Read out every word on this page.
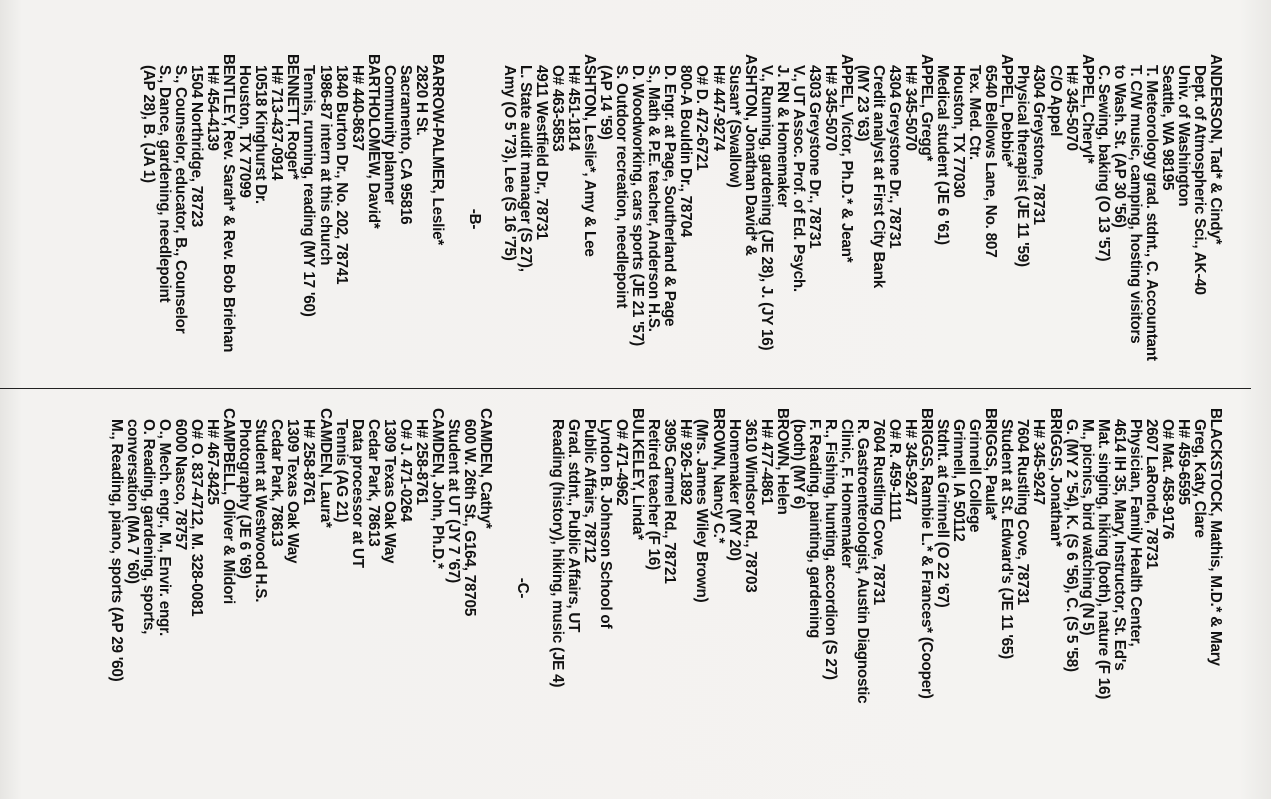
ANDERSON, Tad* & Cindy*
Dept. of Atmospheric Sci., AK-40
Univ. of Washington
Seattle, WA 98195
T. Meteorology grad. stdnt., C. Accountant
T. C/W music, camping, hosting visitors
to Wash. St. (AP 30 '56)
C. Sewing, baking (O 13 '57)
APPEL, Cheryl*
H# 345-5070
C/O Appel
4304 Greystone, 78731
Physical therapist (JE 11 '59)
APPEL, Debbie*
6540 Bellows Lane, No. 807
Tex. Med. Ctr.
Houston, TX 77030
Medical student (JE 6 '61)
APPEL, Gregg*
H# 345-5070
4304 Greystone Dr., 78731
Credit analyst at First City Bank
(MY 23 '63)
APPEL, Victor, Ph.D.* & Jean*
H# 345-5070
4303 Greystone Dr., 78731
V., UT Assoc. Prof. of Ed. Psych.
J. RN & Homemaker
V., Running, gardening (JE 28), J. (JY 16)
ASHTON, Jonathan David* &
Susan* (Swallow)
H# 447-9274
O# D. 472-6721
800-A Bouldin Dr., 78704
D. Engr. at Page, Southerland & Page
S., Math & P.E. teacher, Anderson H.S.
D. Woodworking, cars sports (JE 21 '57)
S. Outdoor recreation, needlepoint
(AP 14 '59)
ASHTON, Leslie*, Amy & Lee
H# 451-1814
O# 463-5853
4911 Westfield Dr., 78731
L. State audit manager (S 27),
Amy (O 5 '73), Lee (S 16 '75)
-B-
BARROW-PALMER, Leslie*
2820 H St.
Sacramento, CA 95816
Community planner
BARTHOLOMEW, David*
H# 440-8637
1840 Burton Dr., No. 202, 78741
1986-87 intern at this church
Tennis, running, reading (MY 17 '60)
BENNETT, Roger*
H# 713-437-0914
10518 Kinghurst Dr.
Houston, TX 77099
BENTLEY, Rev. Sarah* & Rev. Bob Briehan
H# 454-4139
1504 Northridge, 78723
S., Counselor, educator, B., Counselor
S., Dance, gardening, needlepoint
(AP 28), B. (JA 1)
BLACKSTOCK, Mathis, M.D.* & Mary
Greg, Katy, Clare
H# 459-6595
O# Mat. 458-9176
2607 LaRonde, 78731
Physician, Family Health Center,
4614 IH 35, Mary, Instructor, St. Ed's
Mat. singing, hiking (both), nature (F 16)
M., picnics, bird watching (N 5)
G. (MY 2 '54), K. (S 6 '56), C. (S 5 '58)
BRIGGS, Jonathan*
H# 345-9247
7604 Rustling Cove, 78731
Student at St. Edward's (JE 11 '65)
BRIGGS, Paula*
Grinnell College
Grinnell, IA 50112
Stdnt. at Grinnell (O 22 '67)
BRIGGS, Rambie L.* & Frances* (Cooper)
H# 345-9247
O# R. 459-1111
7604 Rustling Cove, 78731
R. Gastroenterologist, Austin Diagnostic
Clinic, F. Homemaker
R., Fishing, hunting, accordion (S 27)
F. Reading, painting, gardening
(both) (MY 6)
BROWN, Helen
H# 477-4861
3610 Windsor Rd., 78703
Homemaker (MY 20)
BROWN, Nancy C.*
(Mrs. James Wiley Brown)
H# 926-1892
3905 Carmel Rd., 78721
Retired teacher (F 16)
BULKELEY, Linda*
O# 471-4962
Lyndon B. Johnson School of
Public Affairs, 78712
Grad. stdnt., Public Affairs, UT
Reading (history), hiking, music (JE 4)
-C-
CAMDEN, Cathy*
600 W. 26th St., G164, 78705
Student at UT (JY 7 '67)
CAMDEN, John, Ph.D.*
H# 258-8761
O# J. 471-0264
1309 Texas Oak Way
Cedar Park, 78613
Data processor at UT
Tennis (AG 21)
CAMDEN, Laura*
H# 258-8761
1309 Texas Oak Way
Cedar Park, 78613
Student at Westwood H.S.
Photography (JE 6 '69)
CAMPBELL, Oliver & Midori
H# 467-8425
O# O. 837-4712, M. 328-0081
6000 Nasco, 78757
O., Mech. engr., M., Envir. engr.
O. Reading, gardening, sports,
conversation (MA 7 '60)
M., Reading, piano, sports (AP 29 '60)
